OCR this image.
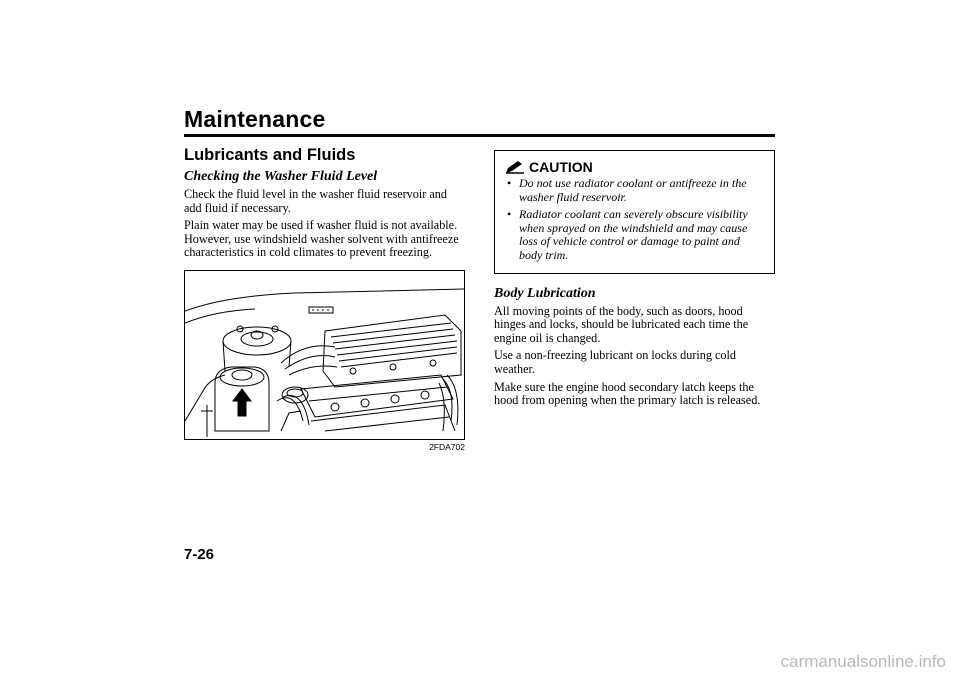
Maintenance
Lubricants and Fluids
Checking the Washer Fluid Level

Check the fluid level in the washer fluid reservoir and add fluid if necessary.

Plain water may be used if washer fluid is not available. However, use windshield washer solvent with antifreeze characteristics in cold climates to prevent freezing.

2FDA702
CAUTION
• Do not use radiator coolant or antifreeze in the washer fluid reservoir.
• Radiator coolant can severely obscure visibility when sprayed on the windshield and may cause loss of vehicle control or damage to paint and body trim.
Body Lubrication

All moving points of the body, such as doors, hood hinges and locks, should be lubricated each time the engine oil is changed.

Use a non-freezing lubricant on locks during cold weather.

Make sure the engine hood secondary latch keeps the hood from opening when the primary latch is released.

7-26
carmanualsonline.info
